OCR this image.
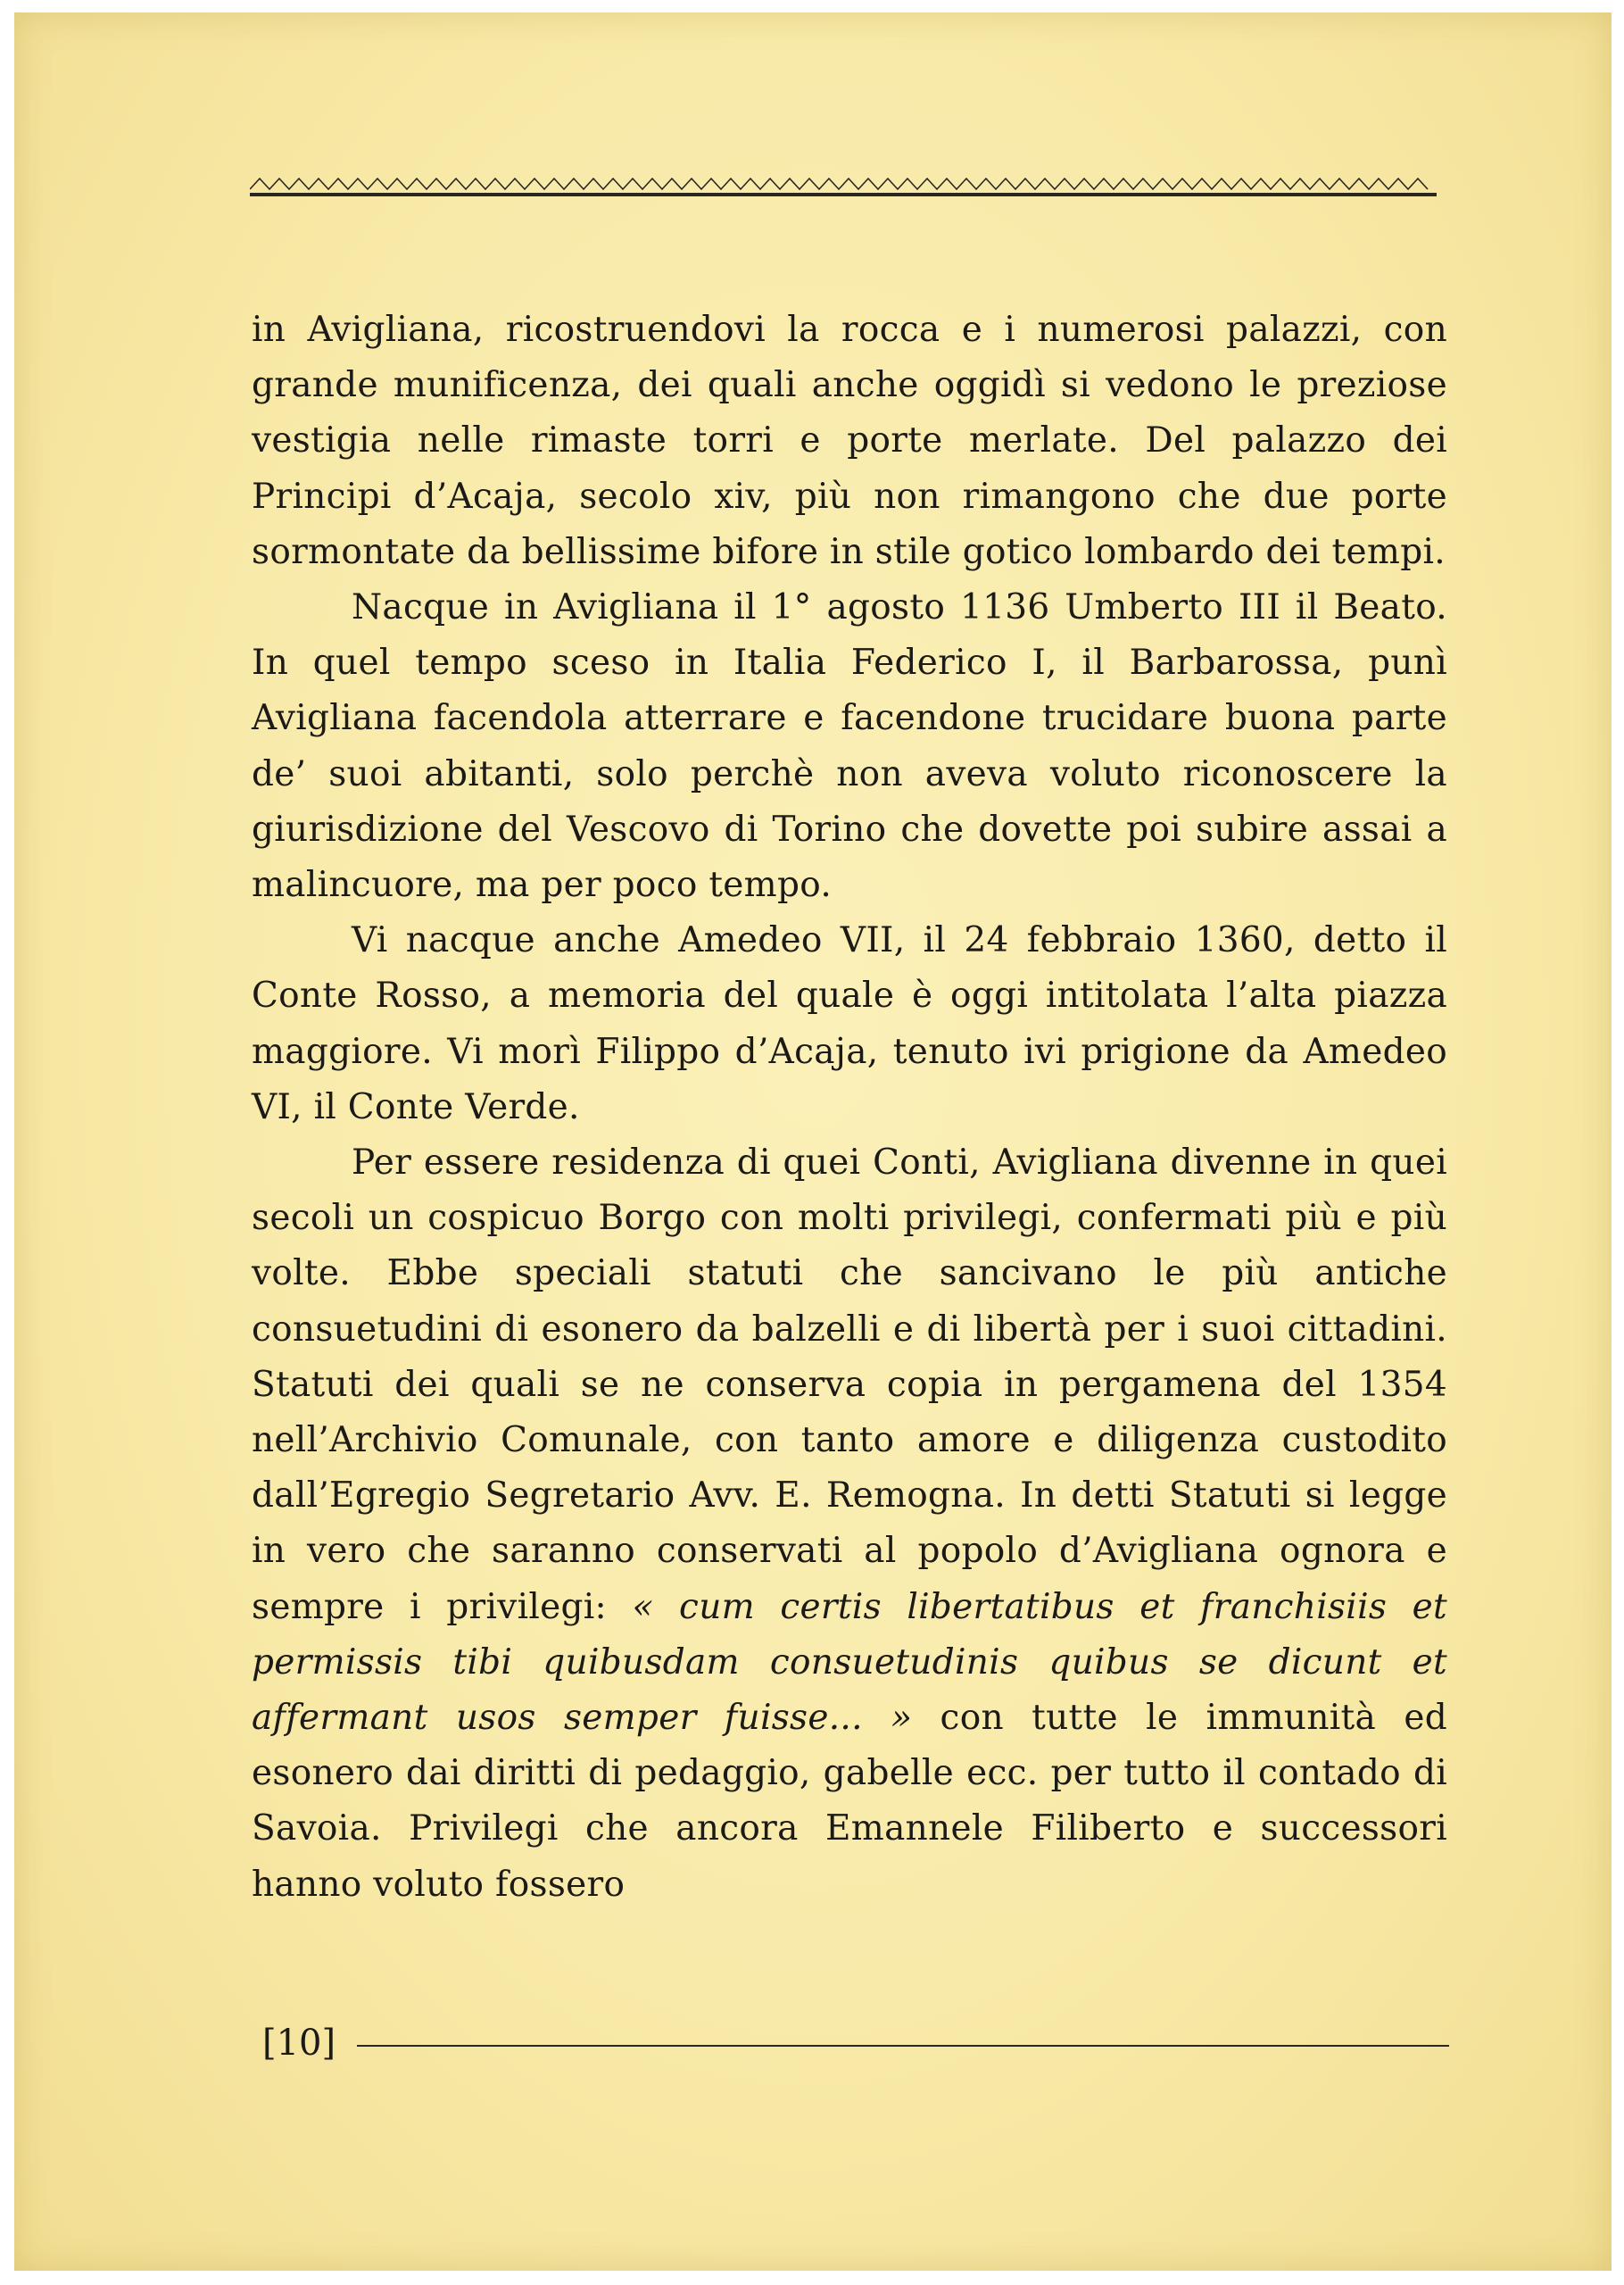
in Avigliana, ricostruendovi la rocca e i numerosi palazzi, con grande munificenza, dei quali anche oggidì si vedono le preziose vestigia nelle rimaste torri e porte merlate. Del palazzo dei Principi d’Acaja, secolo xiv, più non rimangono che due porte sormontate da bellissime bifore in stile gotico lombardo dei tempi.

Nacque in Avigliana il 1° agosto 1136 Umberto III il Beato. In quel tempo sceso in Italia Federico I, il Barbarossa, punì Avigliana facendola atterrare e facendone trucidare buona parte de’ suoi abitanti, solo perchè non aveva voluto riconoscere la giurisdizione del Vescovo di Torino che dovette poi subire assai a malincuore, ma per poco tempo.

Vi nacque anche Amedeo VII, il 24 febbraio 1360, detto il Conte Rosso, a memoria del quale è oggi intitolata l’alta piazza maggiore. Vi morì Filippo d’Acaja, tenuto ivi prigione da Amedeo VI, il Conte Verde.

Per essere residenza di quei Conti, Avigliana divenne in quei secoli un cospicuo Borgo con molti privilegi, confermati più e più volte. Ebbe speciali statuti che sancivano le più antiche consuetudini di esonero da balzelli e di libertà per i suoi cittadini. Statuti dei quali se ne conserva copia in pergamena del 1354 nell’Archivio Comunale, con tanto amore e diligenza custodito dall’Egregio Segretario Avv. E. Remogna. In detti Statuti si legge in vero che saranno conservati al popolo d’Avigliana ognora e sempre i privilegi: « cum certis libertatibus et franchisiis et permissis tibi quibusdam consuetudinis quibus se dicunt et affermant usos semper fuisse... » con tutte le immunità ed esonero dai diritti di pedaggio, gabelle ecc. per tutto il contado di Savoia. Privilegi che ancora Emannele Filiberto e successori hanno voluto fossero

[10]
